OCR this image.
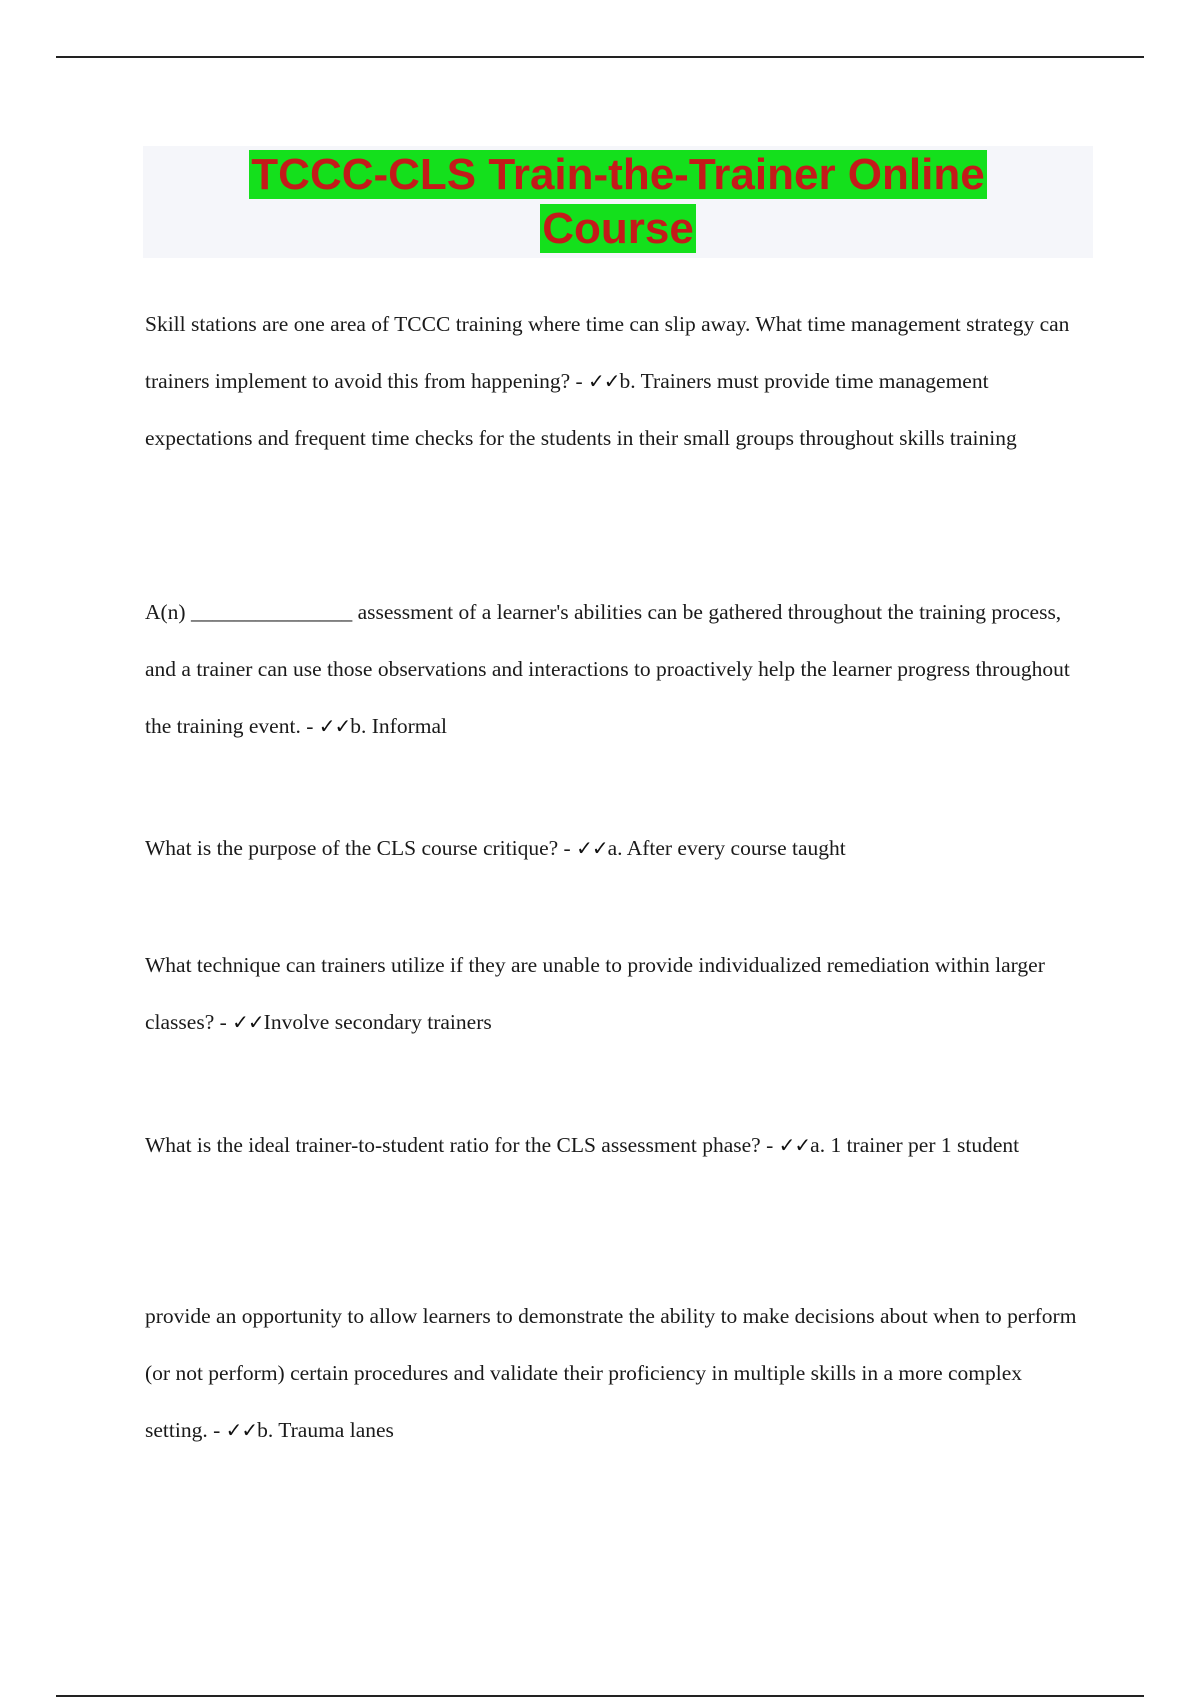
TCCC-CLS Train-the-Trainer Online
Course

Skill stations are one area of TCCC training where time can slip away. What time management strategy can trainers implement to avoid this from happening? - ✓✓b. Trainers must provide time management expectations and frequent time checks for the students in their small groups throughout skills training

A(n) _______________ assessment of a learner's abilities can be gathered throughout the training process, and a trainer can use those observations and interactions to proactively help the learner progress throughout the training event. - ✓✓b. Informal

What is the purpose of the CLS course critique? - ✓✓a. After every course taught

What technique can trainers utilize if they are unable to provide individualized remediation within larger classes? - ✓✓Involve secondary trainers

What is the ideal trainer-to-student ratio for the CLS assessment phase? - ✓✓a. 1 trainer per 1 student

provide an opportunity to allow learners to demonstrate the ability to make decisions about when to perform (or not perform) certain procedures and validate their proficiency in multiple skills in a more complex setting. - ✓✓b. Trauma lanes
